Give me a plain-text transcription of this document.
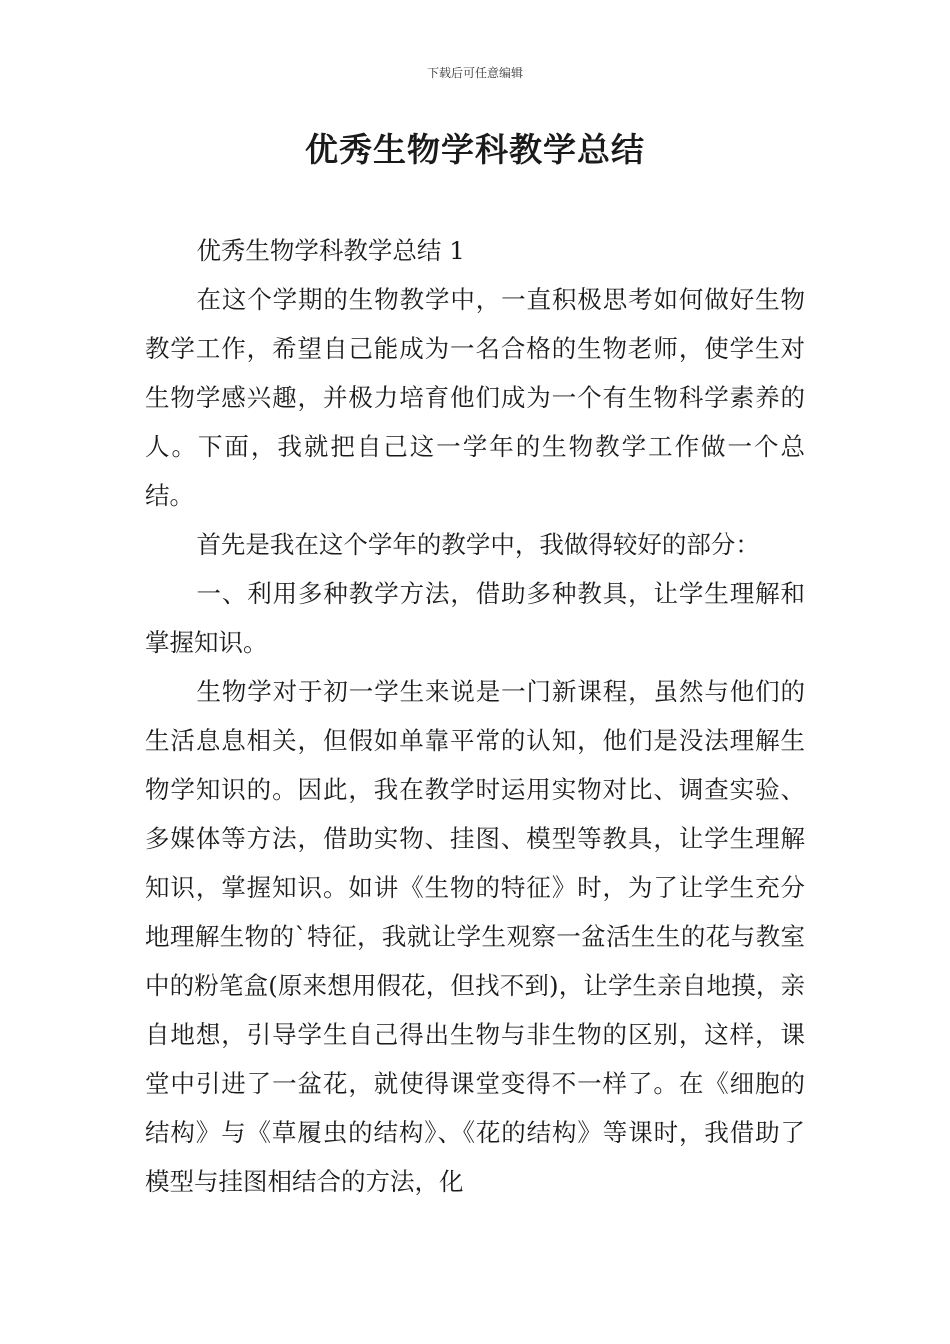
下载后可任意编辑
优秀生物学科教学总结

优秀生物学科教学总结 1

在这个学期的生物教学中，一直积极思考如何做好生物教学工作，希望自己能成为一名合格的生物老师，使学生对生物学感兴趣，并极力培育他们成为一个有生物科学素养的人。下面，我就把自己这一学年的生物教学工作做一个总结。

首先是我在这个学年的教学中，我做得较好的部分：

一、利用多种教学方法，借助多种教具，让学生理解和掌握知识。

生物学对于初一学生来说是一门新课程，虽然与他们的生活息息相关，但假如单靠平常的认知，他们是没法理解生物学知识的。因此，我在教学时运用实物对比、调查实验、多媒体等方法，借助实物、挂图、模型等教具，让学生理解知识，掌握知识。如讲《生物的特征》时，为了让学生充分地理解生物的`特征，我就让学生观察一盆活生生的花与教室中的粉笔盒(原来想用假花，但找不到)，让学生亲自地摸，亲自地想，引导学生自己得出生物与非生物的区别，这样，课堂中引进了一盆花，就使得课堂变得不一样了。在《细胞的结构》与《草履虫的结构》、《花的结构》等课时，我借助了模型与挂图相结合的方法，化
